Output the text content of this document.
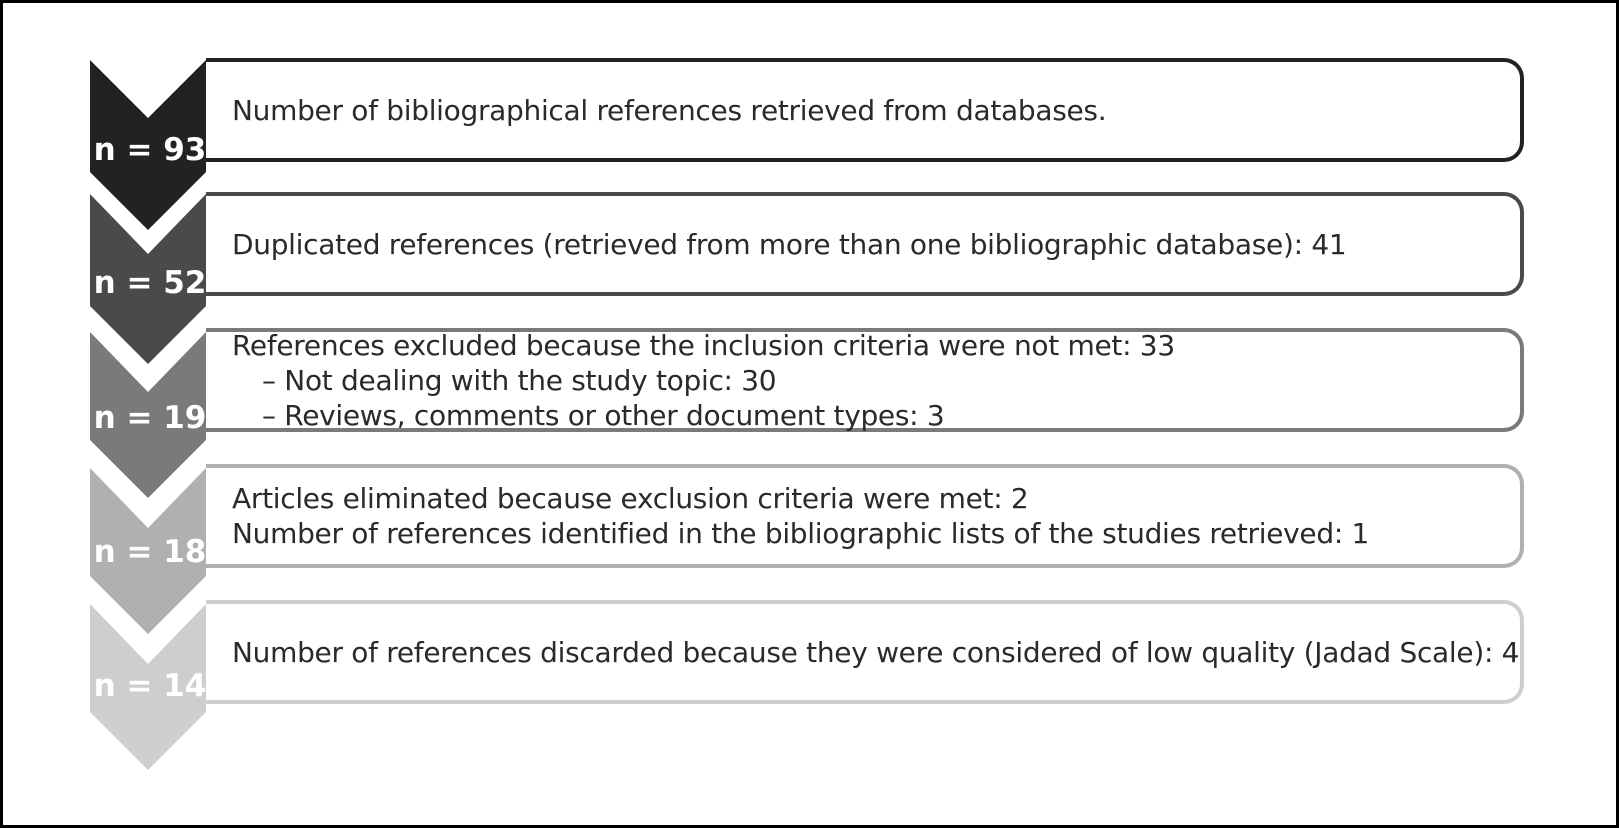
Number of bibliographical references retrieved from databases.
Duplicated references (retrieved from more than one bibliographic database): 41
References excluded because the inclusion criteria were not met: 33
– Not dealing with the study topic: 30
– Reviews, comments or other document types: 3
Articles eliminated because exclusion criteria were met: 2
Number of references identified in the bibliographic lists of the studies retrieved: 1
Number of references discarded because they were considered of low quality (Jadad Scale): 4
n = 14
n = 18
n = 19
n = 52
n = 93
